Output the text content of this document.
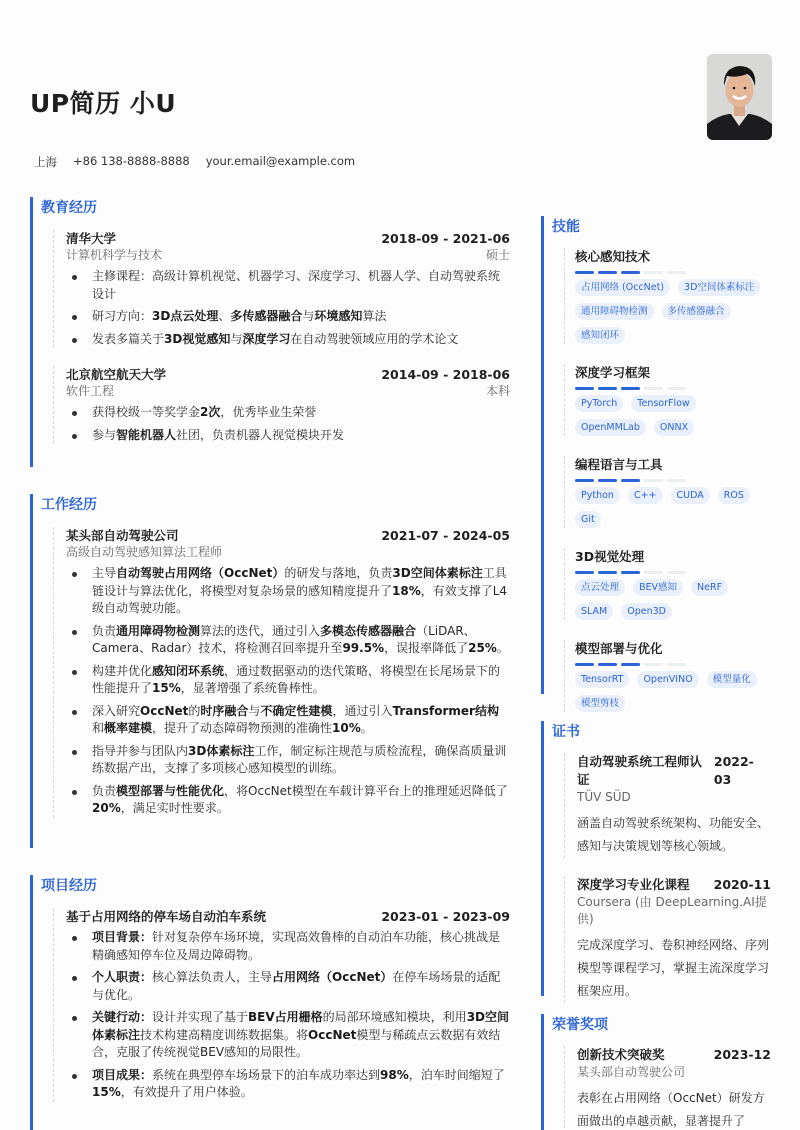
UP简历 小U
上海 +86 138-8888-8888 your.email@example.com
教育经历
清华大学	2018-09 - 2021-06
计算机科学与技术	硕士
主修课程：高级计算机视觉、机器学习、深度学习、机器人学、自动驾驶系统设计
研习方向：3D点云处理、多传感器融合与环境感知算法
发表多篇关于3D视觉感知与深度学习在自动驾驶领域应用的学术论文
北京航空航天大学	2014-09 - 2018-06
软件工程	本科
获得校级一等奖学金2次，优秀毕业生荣誉
参与智能机器人社团，负责机器人视觉模块开发
工作经历
某头部自动驾驶公司	2021-07 - 2024-05
高级自动驾驶感知算法工程师
主导自动驾驶占用网络（OccNet）的研发与落地，负责3D空间体素标注工具链设计与算法优化，将模型对复杂场景的感知精度提升了18%，有效支撑了L4级自动驾驶功能。
负责通用障碍物检测算法的迭代，通过引入多模态传感器融合（LiDAR、Camera、Radar）技术，将检测召回率提升至99.5%，误报率降低了25%。
构建并优化感知闭环系统，通过数据驱动的迭代策略，将模型在长尾场景下的性能提升了15%，显著增强了系统鲁棒性。
深入研究OccNet的时序融合与不确定性建模，通过引入Transformer结构和概率建模，提升了动态障碍物预测的准确性10%。
指导并参与团队内3D体素标注工作，制定标注规范与质检流程，确保高质量训练数据产出，支撑了多项核心感知模型的训练。
负责模型部署与性能优化，将OccNet模型在车载计算平台上的推理延迟降低了20%，满足实时性要求。
项目经历
基于占用网络的停车场自动泊车系统	2023-01 - 2023-09
项目背景：针对复杂停车场环境，实现高效鲁棒的自动泊车功能，核心挑战是精确感知停车位及周边障碍物。
个人职责：核心算法负责人，主导占用网络（OccNet）在停车场场景的适配与优化。
关键行动：设计并实现了基于BEV占用栅格的局部环境感知模块，利用3D空间体素标注技术构建高精度训练数据集。将OccNet模型与稀疏点云数据有效结合，克服了传统视觉BEV感知的局限性。
项目成果：系统在典型停车场场景下的泊车成功率达到98%，泊车时间缩短了15%，有效提升了用户体验。
技能
核心感知技术
占用网络 (OccNet)	3D空间体素标注
通用障碍物检测	多传感器融合
感知闭环
深度学习框架
PyTorch	TensorFlow
OpenMMLab	ONNX
编程语言与工具
Python	C++	CUDA	ROS
Git
3D视觉处理
点云处理	BEV感知	NeRF
SLAM	Open3D
模型部署与优化
TensorRT	OpenVINO	模型量化
模型剪枝
证书
自动驾驶系统工程师认证
2022-03
TÜV SÜD
涵盖自动驾驶系统架构、功能安全、感知与决策规划等核心领域。
深度学习专业化课程 2020-11
Coursera (由 DeepLearning.AI提供)
完成深度学习、卷积神经网络、序列模型等课程学习，掌握主流深度学习框架应用。
荣誉奖项
创新技术突破奖	2023-12
某头部自动驾驶公司
表彰在占用网络（OccNet）研发方面做出的卓越贡献，显著提升了
